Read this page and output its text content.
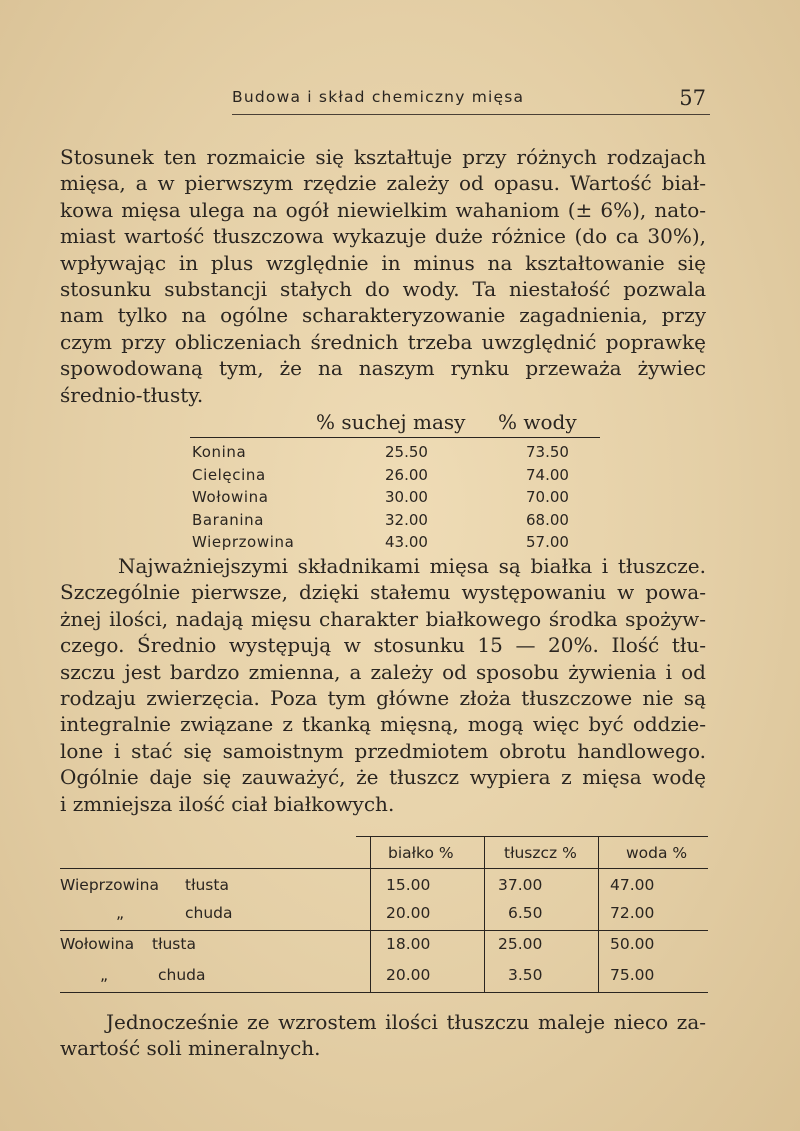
Budowa i skład chemiczny mięsa	57
Stosunek ten rozmaicie się kształtuje przy różnych rodzajach
mięsa, a w pierwszym rzędzie zależy od opasu. Wartość biał-
kowa mięsa ulega na ogół niewielkim wahaniom (± 6%), nato-
miast wartość tłuszczowa wykazuje duże różnice (do ca 30%),
wpływając in plus względnie in minus na kształtowanie się
stosunku substancji stałych do wody. Ta niestałość pozwala
nam tylko na ogólne scharakteryzowanie zagadnienia, przy
czym przy obliczeniach średnich trzeba uwzględnić poprawkę
spowodowaną tym, że na naszym rynku przeważa żywiec
średnio-tłusty.
% suchej masy % wody
Konina	25.50	73.50
Cielęcina	26.00	74.00
Wołowina	30.00	70.00
Baranina	32.00	68.00
Wieprzowina	43.00	57.00
Najważniejszymi składnikami mięsa są białka i tłuszcze.
Szczególnie pierwsze, dzięki stałemu występowaniu w powa-
żnej ilości, nadają mięsu charakter białkowego środka spożyw-
czego. Średnio występują w stosunku 15 — 20%. Ilość tłu-
szczu jest bardzo zmienna, a zależy od sposobu żywienia i od
rodzaju zwierzęcia. Poza tym główne złoża tłuszczowe nie są
integralnie związane z tkanką mięsną, mogą więc być oddzie-
lone i stać się samoistnym przedmiotem obrotu handlowego.
Ogólnie daje się zauważyć, że tłuszcz wypiera z mięsa wodę
i zmniejsza ilość ciał białkowych.
białko %	tłuszcz %	woda %
Wieprzowina tłusta	15.00	37.00	47.00
„	chuda	20.00	6.50	72.00
Wołowina tłusta	18.00	25.00	50.00
„	chuda	20.00	3.50	75.00
Jednocześnie ze wzrostem ilości tłuszczu maleje nieco za-
wartość soli mineralnych.
